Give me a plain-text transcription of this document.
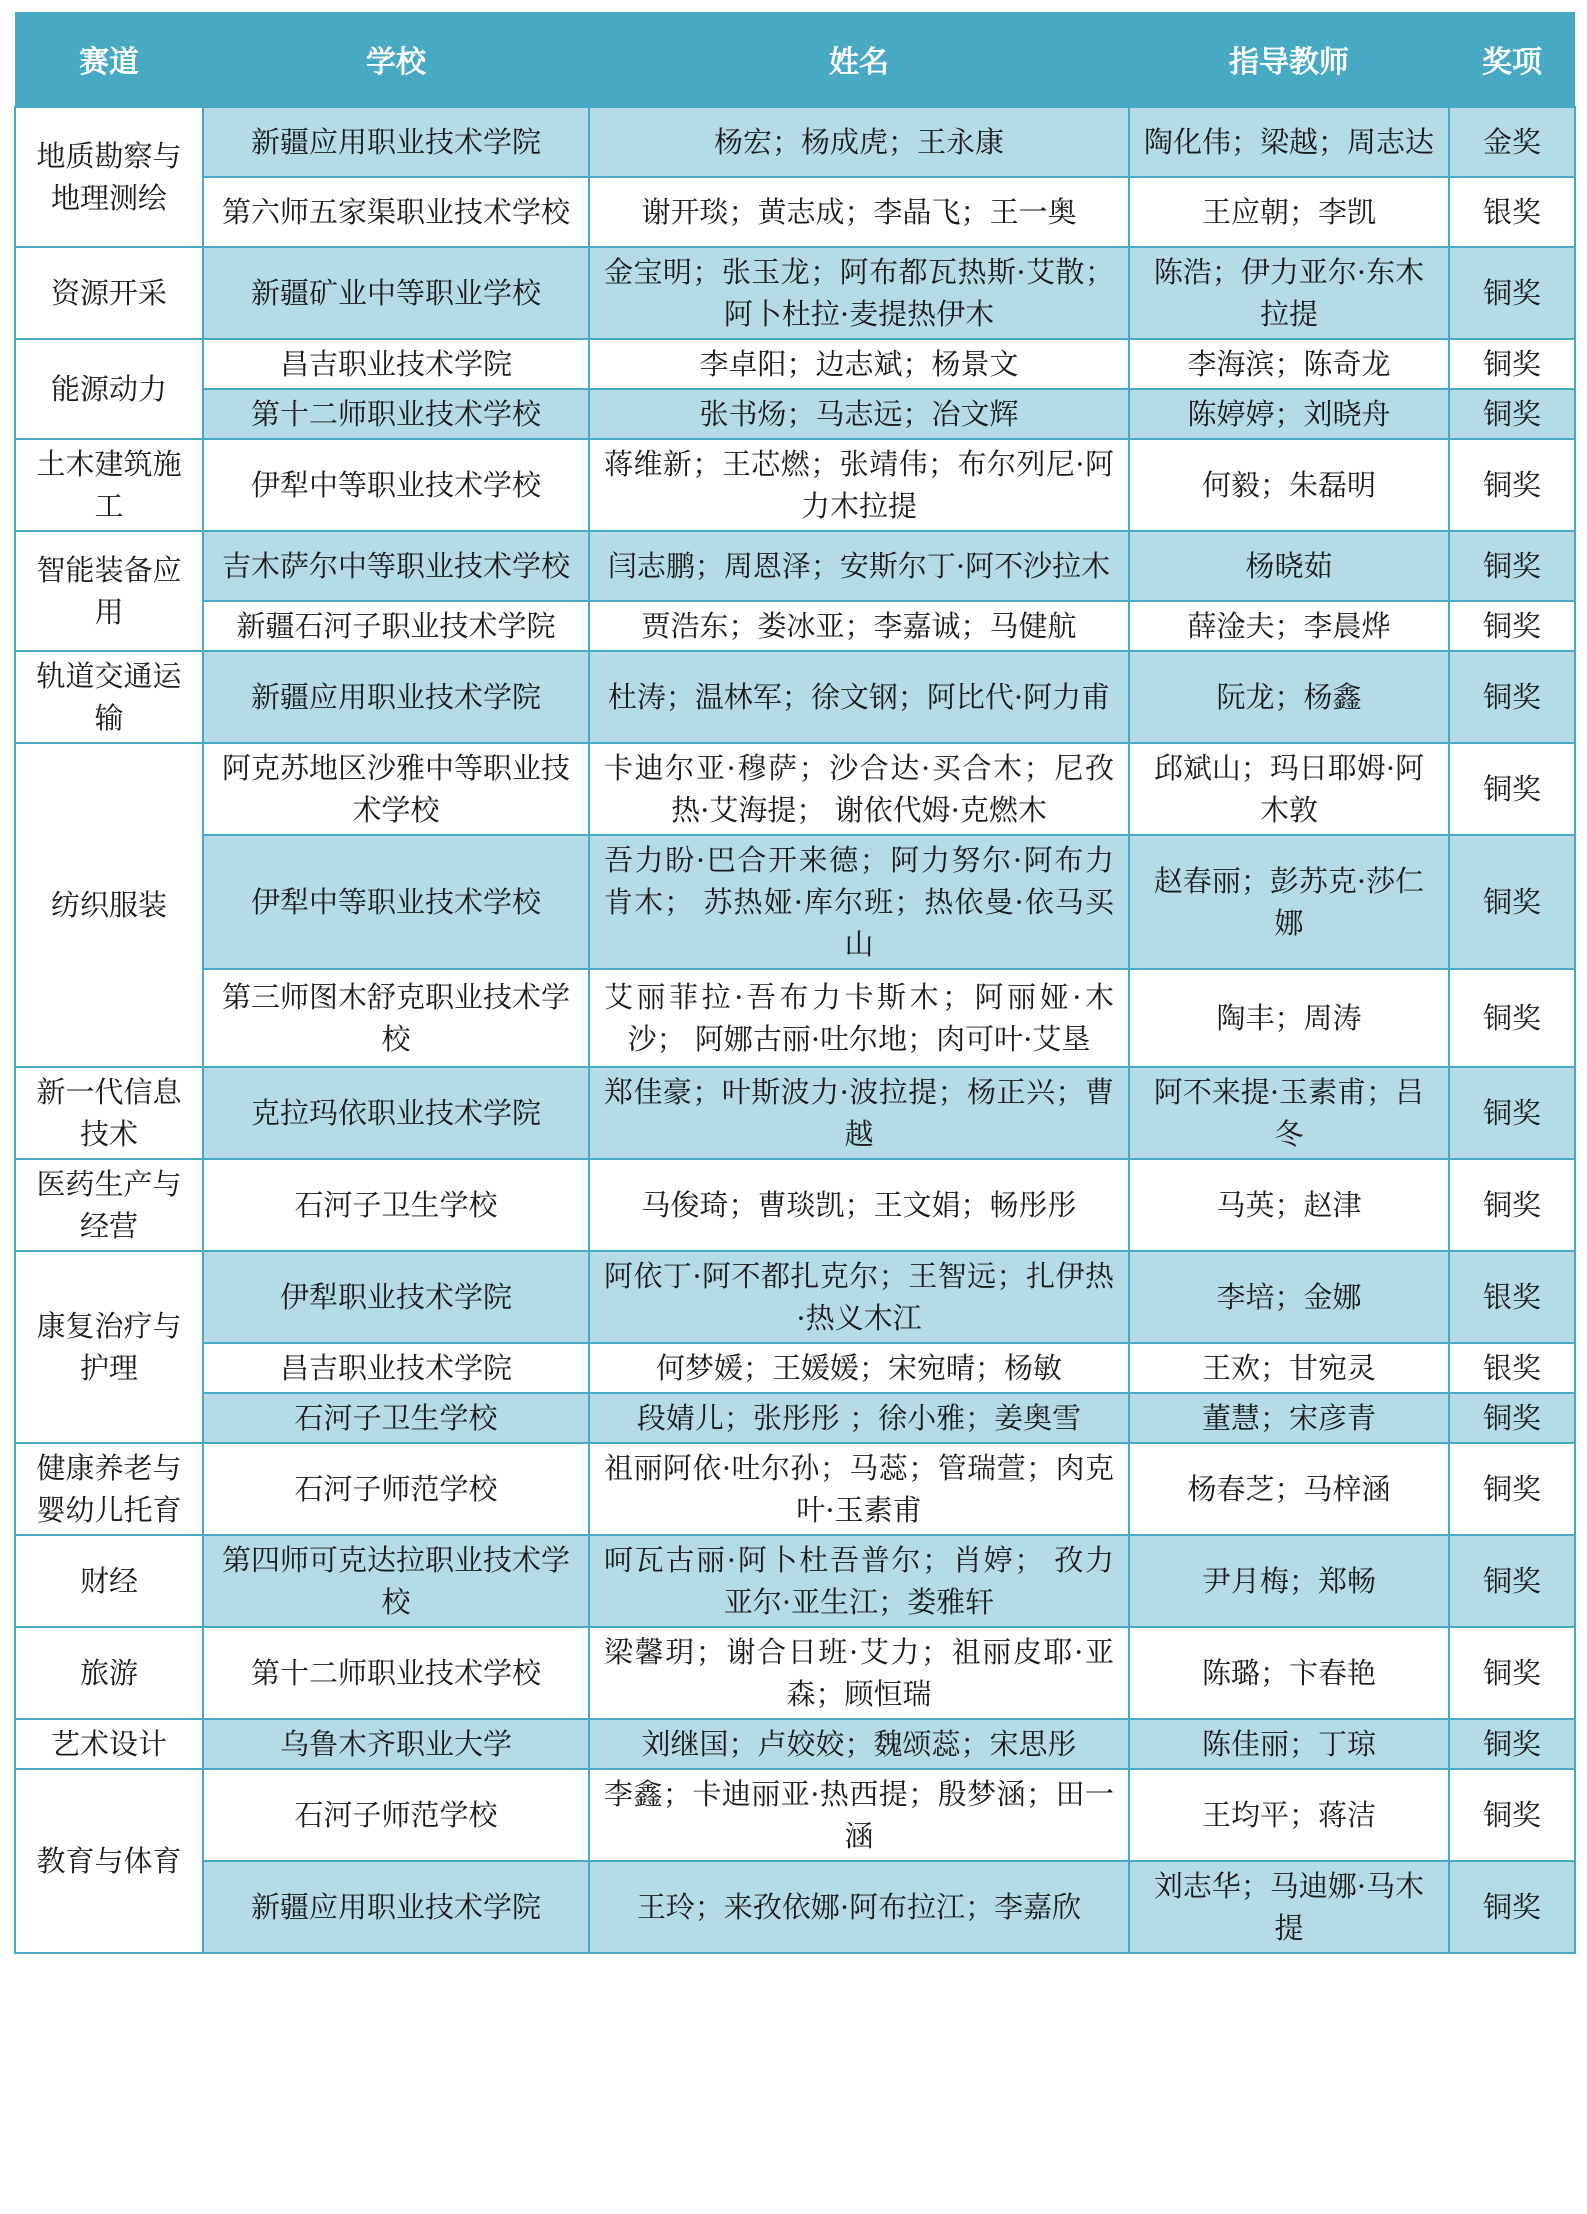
赛道	学校	姓名	指导教师	奖项
地质勘察与地理测绘	新疆应用职业技术学院	杨宏；杨成虎；王永康	陶化伟；梁越；周志达	金奖
	第六师五家渠职业技术学校	谢开琰；黄志成；李晶飞；王一奥	王应朝；李凯	银奖
资源开采	新疆矿业中等职业学校	金宝明；张玉龙；阿布都瓦热斯·艾散；阿卜杜拉·麦提热伊木	陈浩；伊力亚尔·东木拉提	铜奖
能源动力	昌吉职业技术学院	李卓阳；边志斌；杨景文	李海滨；陈奇龙	铜奖
	第十二师职业技术学校	张书炀；马志远；冶文辉	陈婷婷；刘晓舟	铜奖
土木建筑施工	伊犁中等职业技术学校	蒋维新；王芯燃；张靖伟；布尔列尼·阿力木拉提	何毅；朱磊明	铜奖
智能装备应用	吉木萨尔中等职业技术学校	闫志鹏；周恩泽；安斯尔丁·阿不沙拉木	杨晓茹	铜奖
	新疆石河子职业技术学院	贾浩东；娄冰亚；李嘉诚；马健航	薛淦夫；李晨烨	铜奖
轨道交通运输	新疆应用职业技术学院	杜涛；温林军；徐文钢；阿比代·阿力甫	阮龙；杨鑫	铜奖
纺织服装	阿克苏地区沙雅中等职业技术学校	卡迪尔亚·穆萨；沙合达·买合木；尼孜热·艾海提； 谢依代姆·克燃木	邱斌山；玛日耶姆·阿木敦	铜奖
	伊犁中等职业技术学校	吾力盼·巴合开来德；阿力努尔·阿布力肯木； 苏热娅·库尔班；热依曼·依马买山	赵春丽；彭苏克·莎仁娜	铜奖
	第三师图木舒克职业技术学校	艾丽菲拉·吾布力卡斯木；阿丽娅·木沙； 阿娜古丽·吐尔地；肉可叶·艾垦	陶丰；周涛	铜奖
新一代信息技术	克拉玛依职业技术学院	郑佳豪；叶斯波力·波拉提；杨正兴；曹越	阿不来提·玉素甫；吕冬	铜奖
医药生产与经营	石河子卫生学校	马俊琦；曹琰凯；王文娟；畅彤彤	马英；赵津	铜奖
康复治疗与护理	伊犁职业技术学院	阿依丁·阿不都扎克尔；王智远；扎伊热·热义木江	李培；金娜	银奖
	昌吉职业技术学院	何梦媛；王媛媛；宋宛晴；杨敏	王欢；甘宛灵	银奖
	石河子卫生学校	段婧儿；张彤彤 ；徐小雅；姜奥雪	董慧；宋彦青	铜奖
健康养老与婴幼儿托育	石河子师范学校	祖丽阿依·吐尔孙；马蕊；管瑞萱；肉克叶·玉素甫	杨春芝；马梓涵	铜奖
财经	第四师可克达拉职业技术学校	呵瓦古丽·阿卜杜吾普尔；肖婷； 孜力亚尔·亚生江；娄雅轩	尹月梅；郑畅	铜奖
旅游	第十二师职业技术学校	梁馨玥；谢合日班·艾力；祖丽皮耶·亚森；顾恒瑞	陈璐；卞春艳	铜奖
艺术设计	乌鲁木齐职业大学	刘继国；卢姣姣；魏颂蕊；宋思彤	陈佳丽；丁琼	铜奖
教育与体育	石河子师范学校	李鑫；卡迪丽亚·热西提；殷梦涵；田一涵	王均平；蒋洁	铜奖
	新疆应用职业技术学院	王玲；来孜依娜·阿布拉江；李嘉欣	刘志华；马迪娜·马木提	铜奖
